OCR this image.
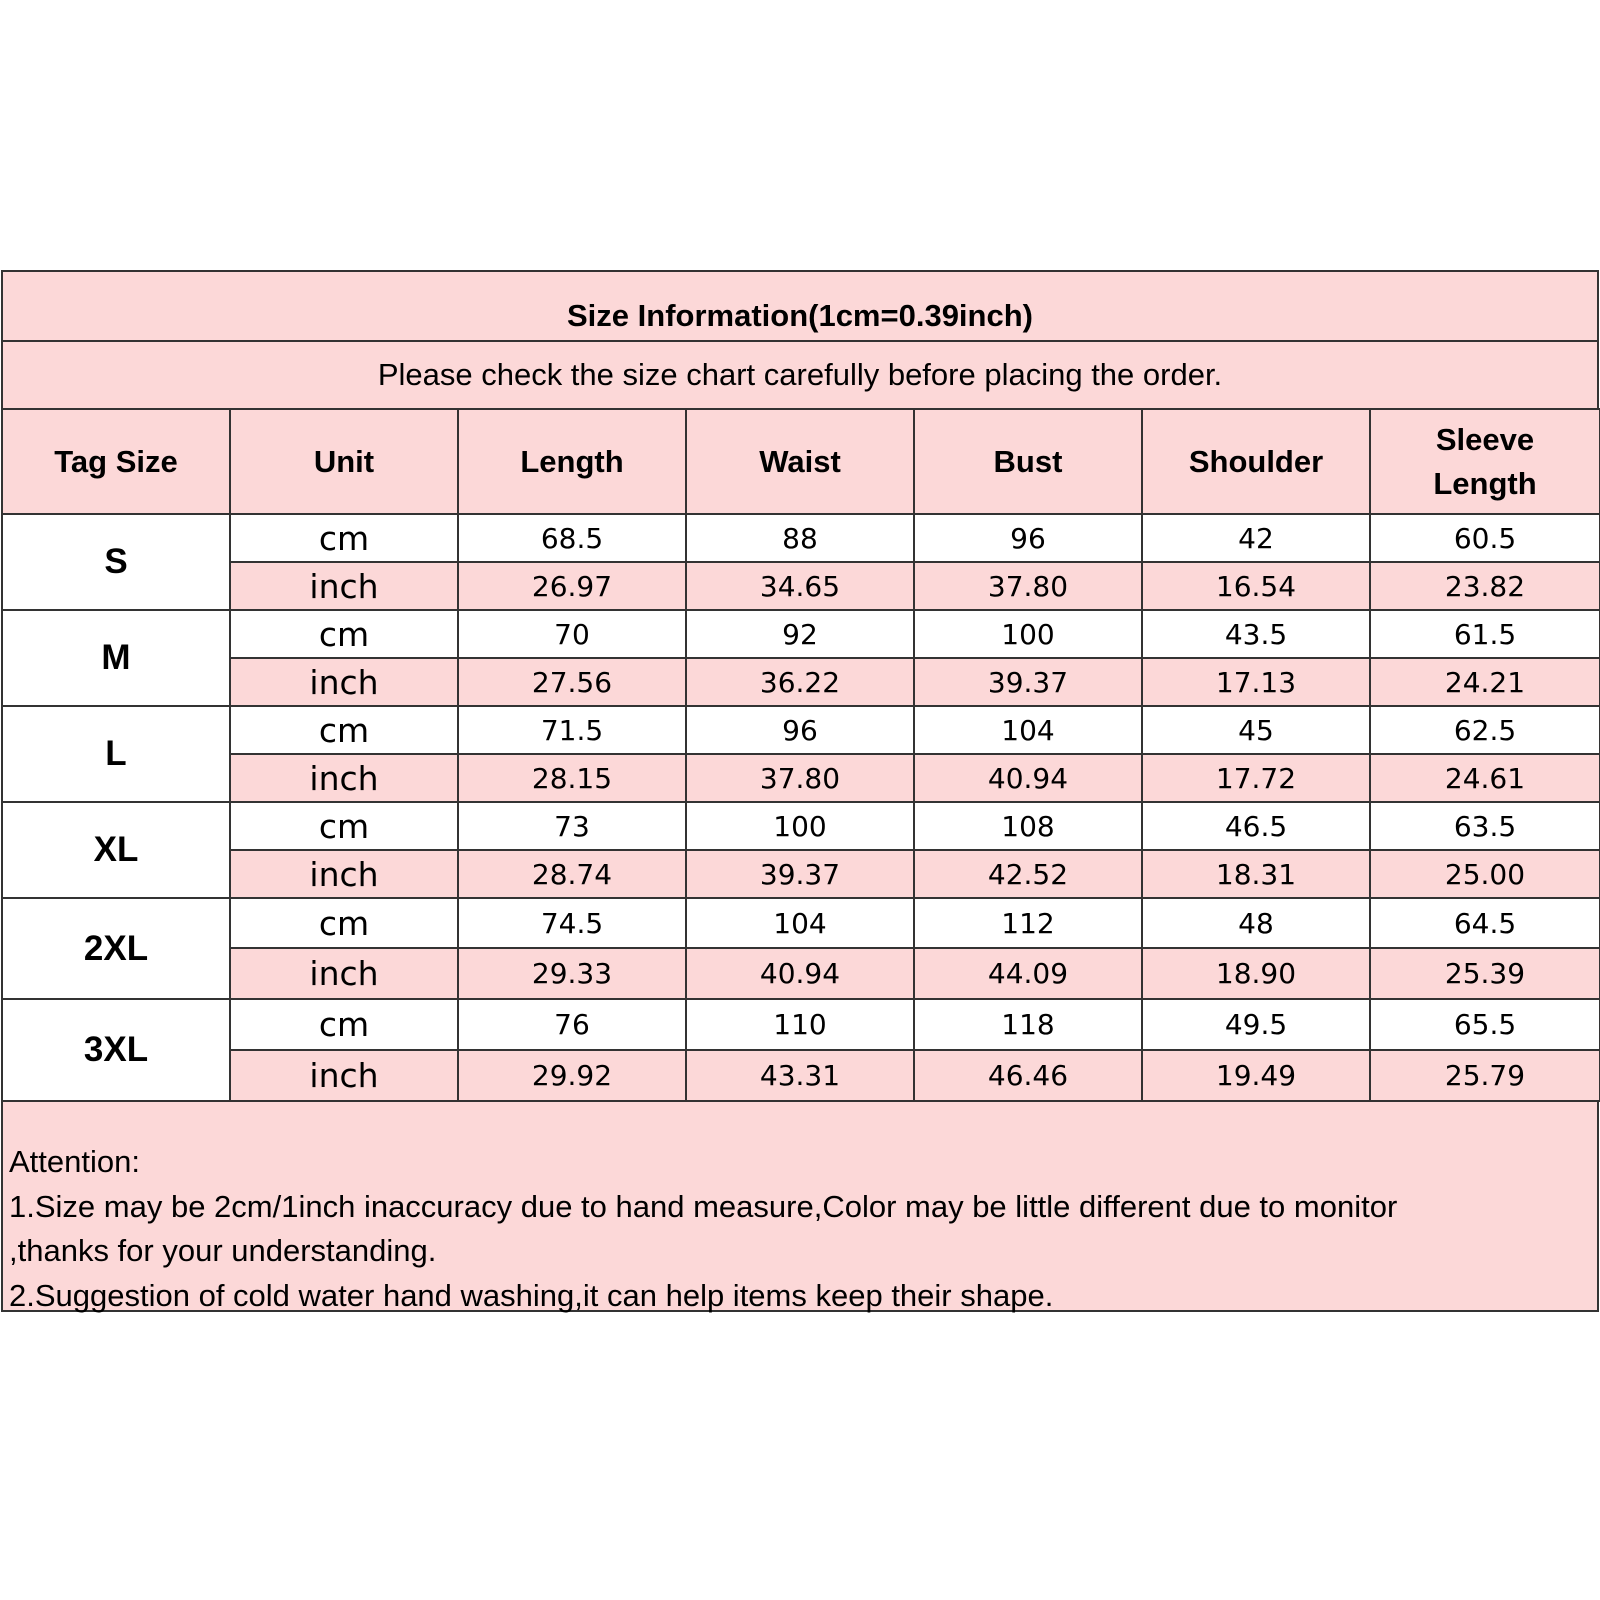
Size Information(1cm=0.39inch)
Please check the size chart carefully before placing the order.
Tag Size	Unit	Length	Waist	Bust	Shoulder	Sleeve Length
S	cm	68.5	88	96	42	60.5
	inch	26.97	34.65	37.80	16.54	23.82
M	cm	70	92	100	43.5	61.5
	inch	27.56	36.22	39.37	17.13	24.21
L	cm	71.5	96	104	45	62.5
	inch	28.15	37.80	40.94	17.72	24.61
XL	cm	73	100	108	46.5	63.5
	inch	28.74	39.37	42.52	18.31	25.00
2XL	cm	74.5	104	112	48	64.5
	inch	29.33	40.94	44.09	18.90	25.39
3XL	cm	76	110	118	49.5	65.5
	inch	29.92	43.31	46.46	19.49	25.79
Attention:
1.Size may be 2cm/1inch inaccuracy due to hand measure,Color may be little different due to monitor
,thanks for your understanding.
2.Suggestion of cold water hand washing,it can help items keep their shape.
